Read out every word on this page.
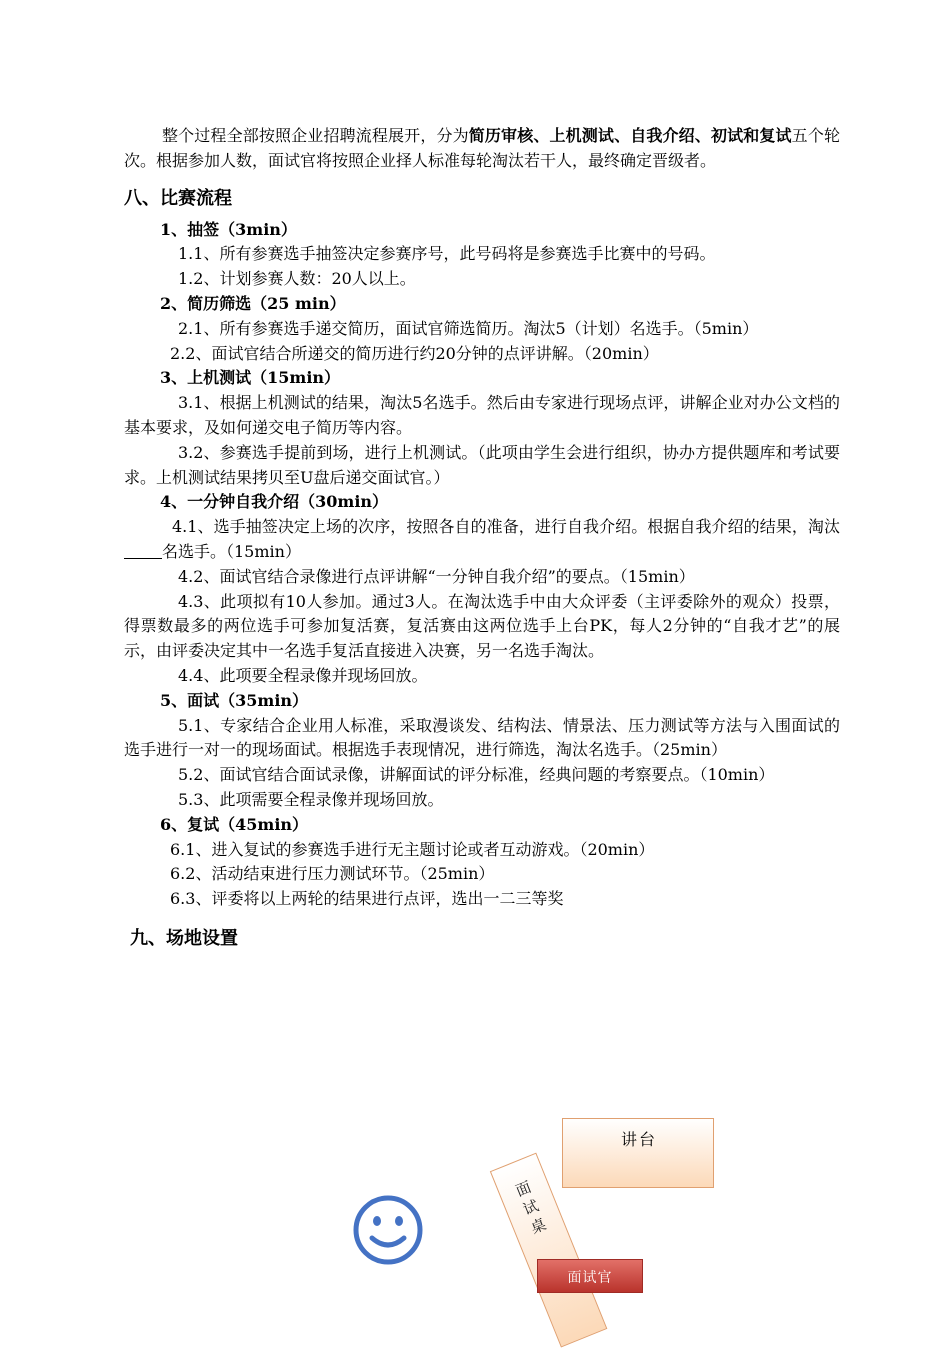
整个过程全部按照企业招聘流程展开，分为简历审核、上机测试、自我介绍、初试和复试五个轮次。根据参加人数，面试官将按照企业择人标准每轮淘汰若干人，最终确定晋级者。

八、比赛流程

1、抽签（3min）

1.1、所有参赛选手抽签决定参赛序号，此号码将是参赛选手比赛中的号码。

1.2、计划参赛人数：20人以上。

2、简历筛选（25 min）

2.1、所有参赛选手递交简历，面试官筛选简历。淘汰5（计划）名选手。（5min）

2.2、面试官结合所递交的简历进行约20分钟的点评讲解。（20min）

3、上机测试（15min）

3.1、根据上机测试的结果，淘汰5名选手。然后由专家进行现场点评，讲解企业对办公文档的基本要求，及如何递交电子简历等内容。

3.2、参赛选手提前到场，进行上机测试。（此项由学生会进行组织，协办方提供题库和考试要求。上机测试结果拷贝至U盘后递交面试官。）

4、一分钟自我介绍（30min）

4.1、选手抽签决定上场的次序，按照各自的准备，进行自我介绍。根据自我介绍的结果，淘汰名选手。（15min）

4.2、面试官结合录像进行点评讲解“一分钟自我介绍”的要点。（15min）

4.3、此项拟有10人参加。通过3人。在淘汰选手中由大众评委（主评委除外的观众）投票，得票数最多的两位选手可参加复活赛，复活赛由这两位选手上台PK，每人2分钟的“自我才艺”的展示，由评委决定其中一名选手复活直接进入决赛，另一名选手淘汰。

4.4、此项要全程录像并现场回放。

5、面试（35min）

5.1、专家结合企业用人标准，采取漫谈发、结构法、情景法、压力测试等方法与入围面试的选手进行一对一的现场面试。根据选手表现情况，进行筛选，淘汰名选手。（25min）

5.2、面试官结合面试录像，讲解面试的评分标准，经典问题的考察要点。（10min）

5.3、此项需要全程录像并现场回放。

6、复试（45min）

6.1、进入复试的参赛选手进行无主题讨论或者互动游戏。（20min）

6.2、活动结束进行压力测试环节。（25min）

6.3、评委将以上两轮的结果进行点评，选出一二三等奖

九、场地设置
讲台
面试桌
面试官
